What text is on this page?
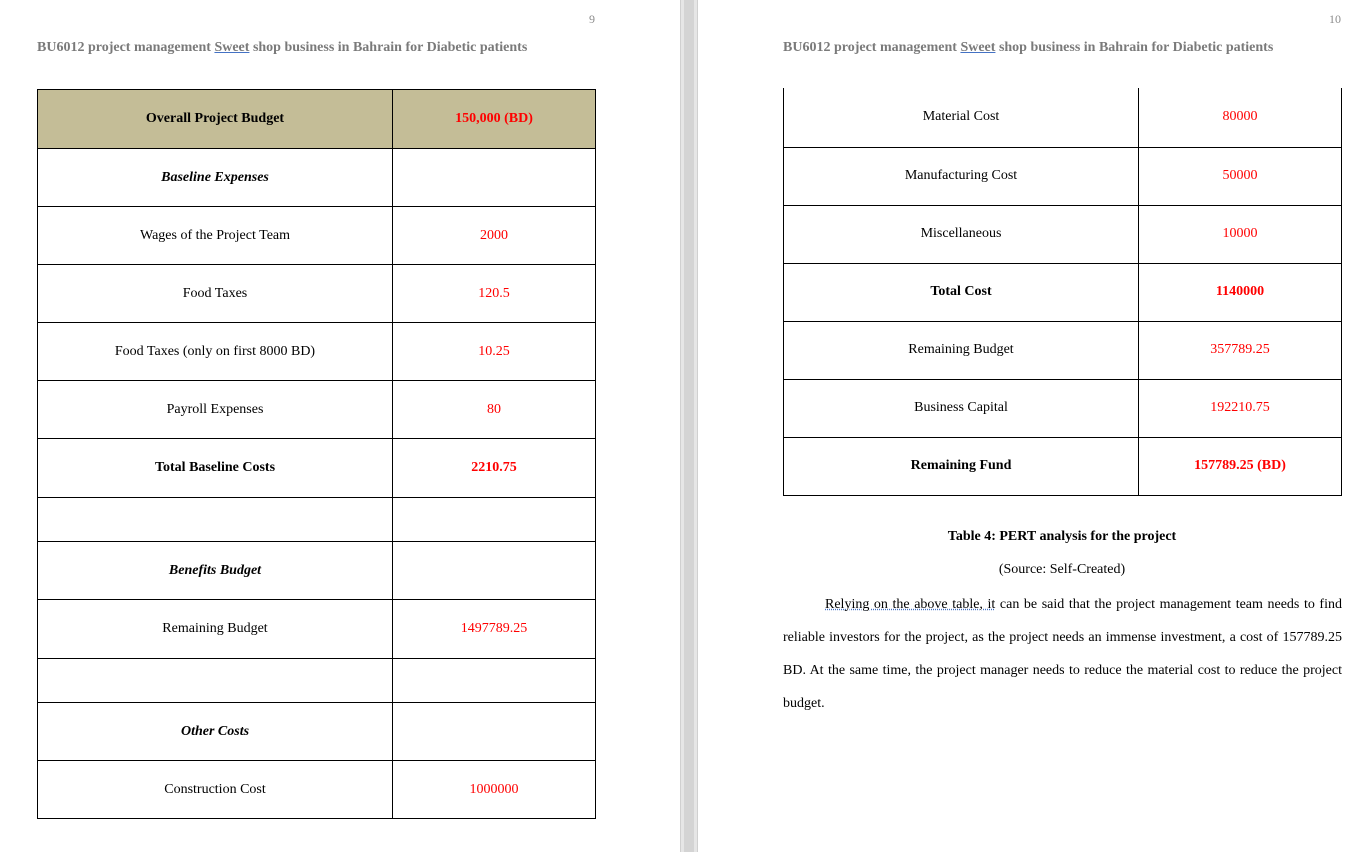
9
BU6012 project management Sweet shop business in Bahrain for Diabetic patients
Overall Project Budget	150,000 (BD)
Baseline Expenses	
Wages of the Project Team	2000
Food Taxes	120.5
Food Taxes (only on first 8000 BD)	10.25
Payroll Expenses	80
Total Baseline Costs	2210.75

Benefits Budget	
Remaining Budget	1497789.25

Other Costs	
Construction Cost	1000000
10
BU6012 project management Sweet shop business in Bahrain for Diabetic patients
Material Cost	80000
Manufacturing Cost	50000
Miscellaneous	10000
Total Cost	1140000
Remaining Budget	357789.25
Business Capital	192210.75
Remaining Fund	157789.25 (BD)
Table 4: PERT analysis for the project
(Source: Self-Created)
Relying on the above table, it can be said that the project management team needs to find reliable investors for the project, as the project needs an immense investment, a cost of 157789.25 BD. At the same time, the project manager needs to reduce the material cost to reduce the project budget.
